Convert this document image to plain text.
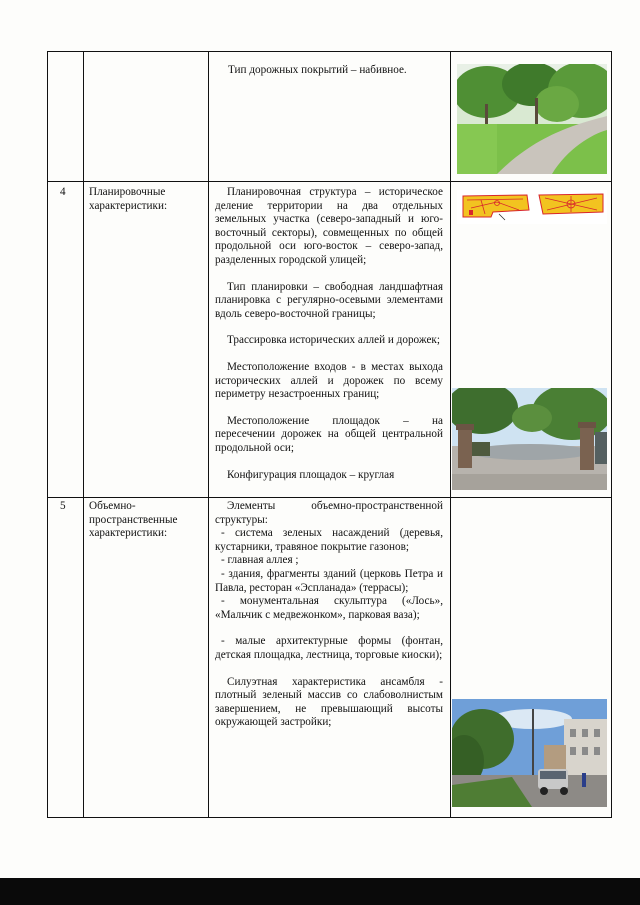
Тип дорожных покрытий – набивное.
4 Планировочные
характеристики:

Планировочная структура – историческое деление территории на два отдельных земельных участка (северо-западный и юго-восточный секторы), совмещенных по общей продольной оси юго-восток – северо-запад, разделенных городской улицей;

Тип планировки – свободная ландшафтная планировка с регулярно-осевыми элементами вдоль северо-восточной границы;

Трассировка исторических аллей и дорожек;

Местоположение входов - в местах выхода исторических аллей и дорожек по всему периметру незастроенных границ;

Местоположение площадок – на пересечении дорожек на общей центральной продольной оси;

Конфигурация площадок – круглая

5 Объемно-
пространственные
характеристики:

Элементы объемно-пространственной структуры:

- система зеленых насаждений (деревья, кустарники, травяное покрытие газонов;

- главная аллея ;

- здания, фрагменты зданий (церковь Петра и Павла, ресторан «Эспланада» (террасы);

- монументальная скульптура («Лось», «Мальчик с медвежонком», парковая ваза);

- малые архитектурные формы (фонтан, детская площадка, лестница, торговые киоски);

Силуэтная характеристика ансамбля - плотный зеленый массив со слабоволнистым завершением, не превышающий высоты окружающей застройки;
